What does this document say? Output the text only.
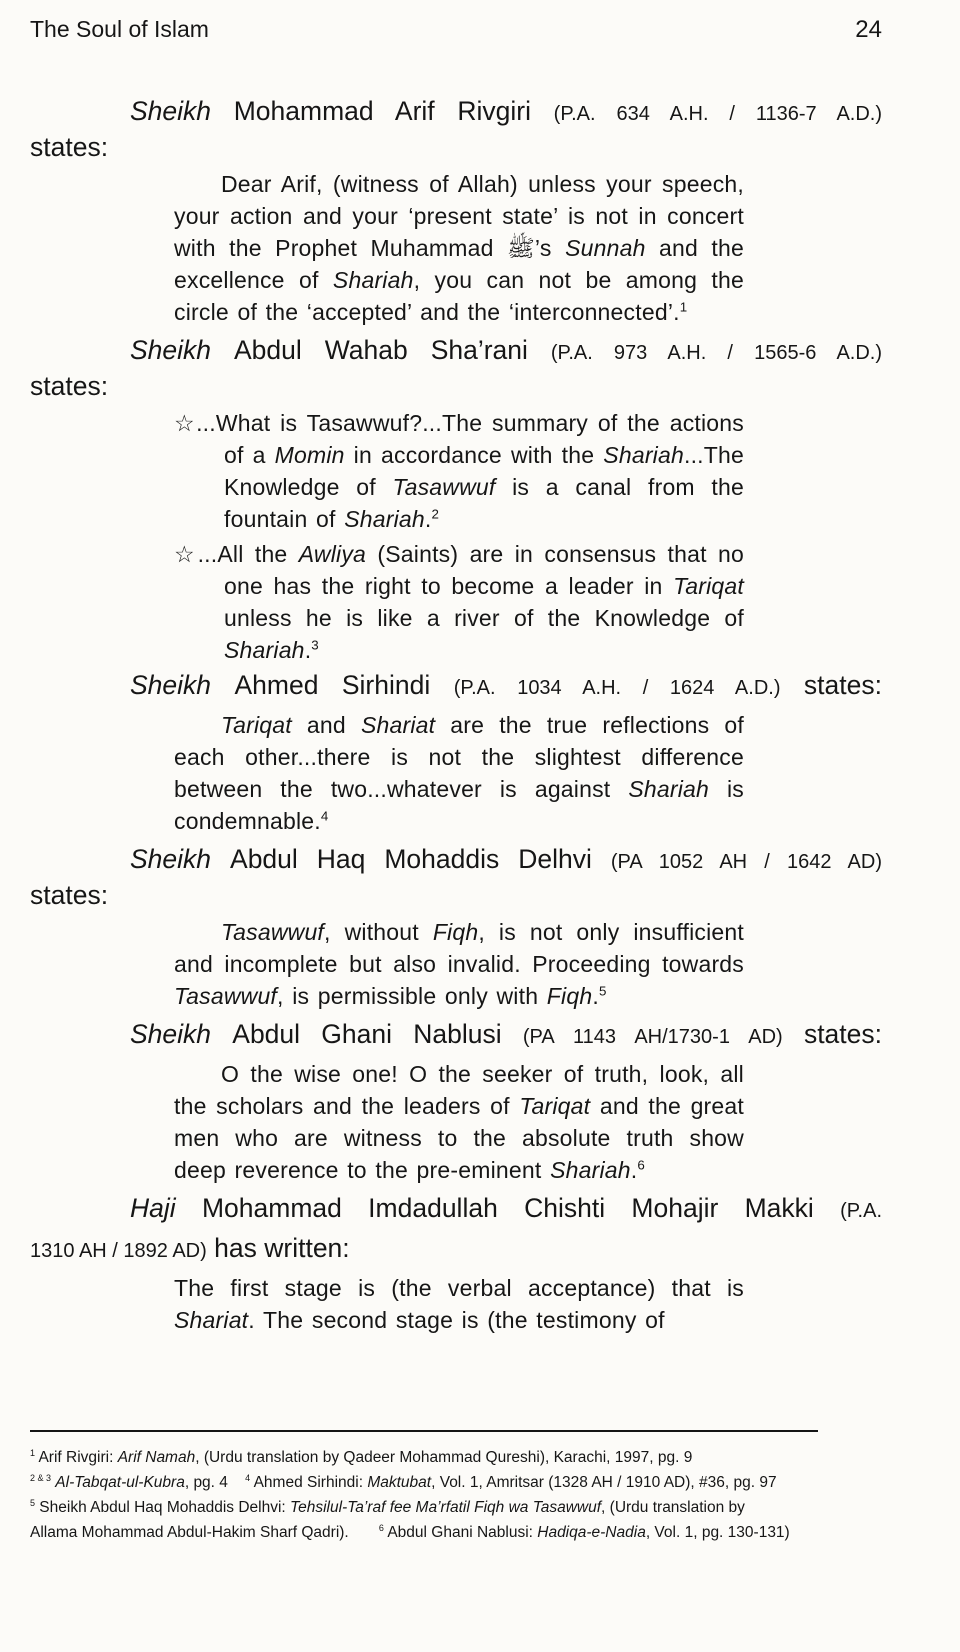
The Soul of Islam	24

Sheikh Mohammad Arif Rivgiri (P.A. 634 A.H. / 1136-7 A.D.)
states:

Dear Arif, (witness of Allah) unless your speech, your action and your ‘present state’ is not in concert with the Prophet Muhammad ﷺ’s Sunnah and the excellence of Shariah, you can not be among the circle of the ‘accepted’ and the ‘interconnected’.$^1$

Sheikh Abdul Wahab Sha’rani (P.A. 973 A.H. / 1565-6 A.D.)
states:

☆...What is Tasawwuf?...The summary of the actions of a Momin in accordance with the Shariah...The Knowledge of Tasawwuf is a canal from the fountain of Shariah.$^2$

☆...All the Awliya (Saints) are in consensus that no one has the right to become a leader in Tariqat unless he is like a river of the Knowledge of Shariah.$^3$

Sheikh Ahmed Sirhindi (P.A. 1034 A.H. / 1624 A.D.) states:

Tariqat and Shariat are the true reflections of each other...there is not the slightest difference between the two...whatever is against Shariah is condemnable.$^4$

Sheikh Abdul Haq Mohaddis Delhvi (PA 1052 AH / 1642 AD)
states:

Tasawwuf, without Fiqh, is not only insufficient and incomplete but also invalid. Proceeding towards Tasawwuf, is permissible only with Fiqh.$^5$

Sheikh Abdul Ghani Nablusi (PA 1143 AH/1730-1 AD) states:

O the wise one! O the seeker of truth, look, all the scholars and the leaders of Tariqat and the great men who are witness to the absolute truth show deep reverence to the pre-eminent Shariah.$^6$

Haji Mohammad Imdadullah Chishti Mohajir Makki (P.A.

1310 AH / 1892 AD) has written:

The first stage is (the verbal acceptance) that is Shariat. The second stage is (the testimony of

$^1$ Arif Rivgiri: Arif Namah, (Urdu translation by Qadeer Mohammad Qureshi), Karachi, 1997, pg. 9

$^{2 \& 3}$ Al-Tabqat-ul-Kubra, pg. 4    $^4$ Ahmed Sirhindi: Maktubat, Vol. 1, Amritsar (1328 AH / 1910 AD), #36, pg. 97

$^5$ Sheikh Abdul Haq Mohaddis Delhvi: Tehsilul-Ta’raf fee Ma’rfatil Fiqh wa Tasawwuf, (Urdu translation by
Allama Mohammad Abdul-Hakim Sharf Qadri).       $^6$ Abdul Ghani Nablusi: Hadiqa-e-Nadia, Vol. 1, pg. 130-131)
